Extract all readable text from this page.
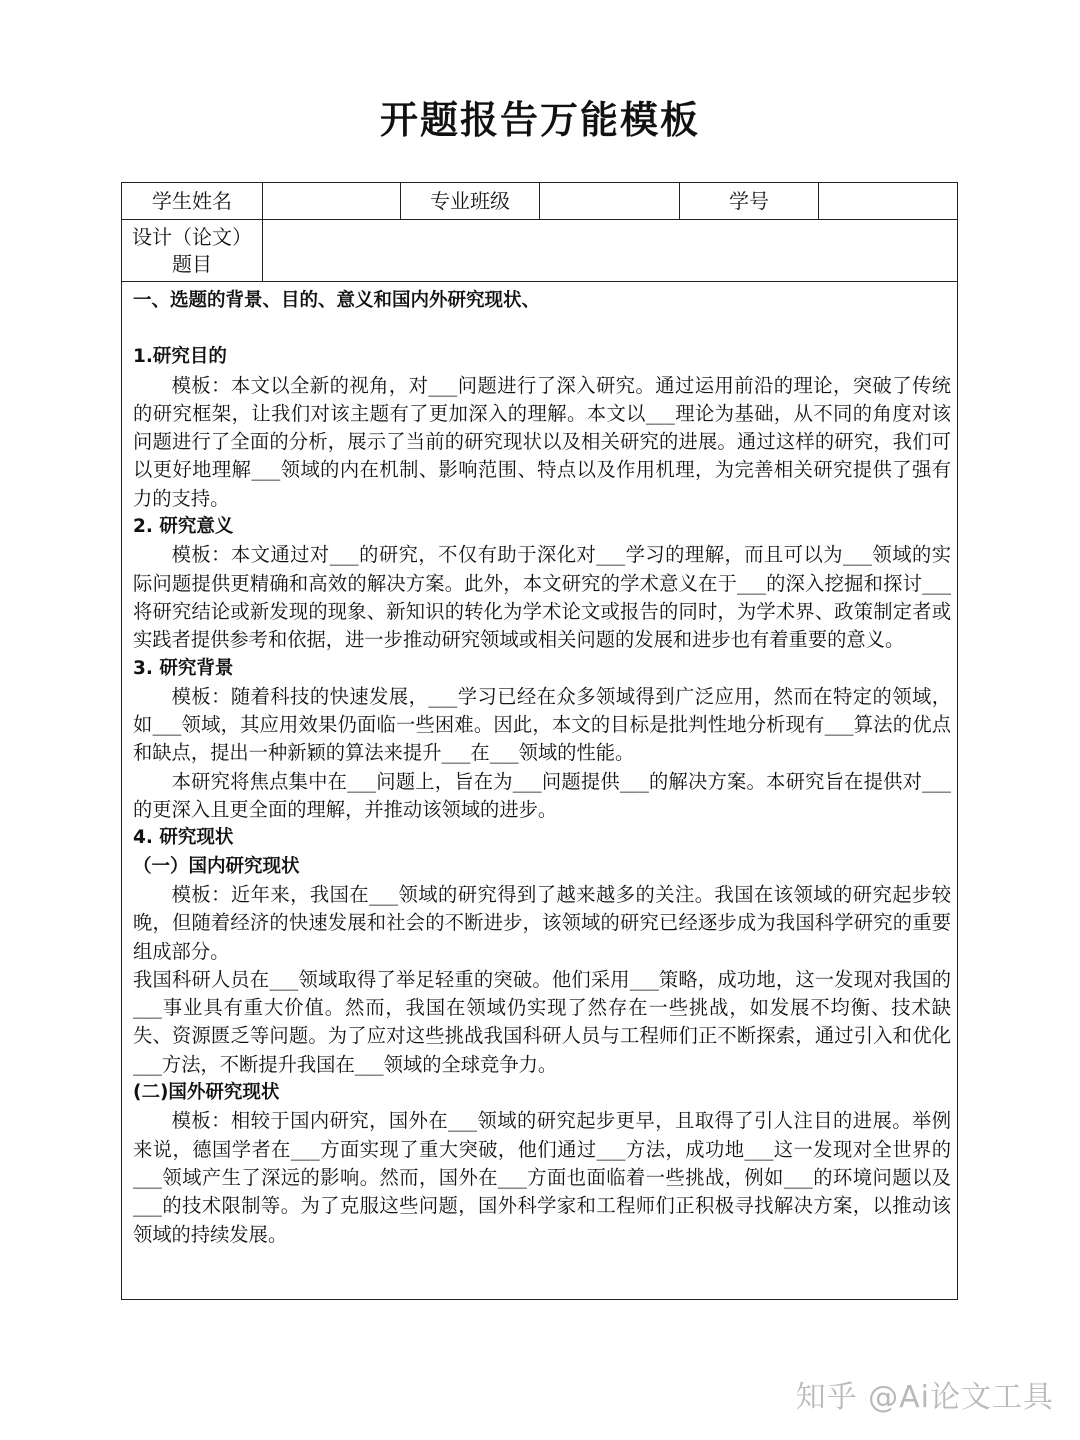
开题报告万能模板
学生姓名	专业班级	学号
设计（论文）
题目
一、选题的背景、目的、意义和国内外研究现状、
1.研究目的
模板：本文以全新的视角，对___问题进行了深入研究。通过运用前沿的理论，突破了传统的研究框架，让我们对该主题有了更加深入的理解。本文以___理论为基础，从不同的角度对该问题进行了全面的分析，展示了当前的研究现状以及相关研究的进展。通过这样的研究，我们可以更好地理解___领域的内在机制、影响范围、特点以及作用机理，为完善相关研究提供了强有力的支持。
2. 研究意义
模板：本文通过对___的研究，不仅有助于深化对___学习的理解，而且可以为___领域的实际问题提供更精确和高效的解决方案。此外，本文研究的学术意义在于___的深入挖掘和探讨___将研究结论或新发现的现象、新知识的转化为学术论文或报告的同时，为学术界、政策制定者或实践者提供参考和依据，进一步推动研究领域或相关问题的发展和进步也有着重要的意义。
3. 研究背景
模板：随着科技的快速发展，___学习已经在众多领域得到广泛应用，然而在特定的领域，如___领域，其应用效果仍面临一些困难。因此，本文的目标是批判性地分析现有___算法的优点和缺点，提出一种新颖的算法来提升___在___领域的性能。
本研究将焦点集中在___问题上，旨在为___问题提供___的解决方案。本研究旨在提供对___的更深入且更全面的理解，并推动该领域的进步。
4. 研究现状
（一）国内研究现状
模板：近年来，我国在___领域的研究得到了越来越多的关注。我国在该领域的研究起步较晚，但随着经济的快速发展和社会的不断进步，该领域的研究已经逐步成为我国科学研究的重要组成部分。
我国科研人员在___领域取得了举足轻重的突破。他们采用___策略，成功地，这一发现对我国的___事业具有重大价值。然而，我国在领域仍实现了然存在一些挑战，如发展不均衡、技术缺失、资源匮乏等问题。为了应对这些挑战我国科研人员与工程师们正不断探索，通过引入和优化___方法，不断提升我国在___领域的全球竞争力。
(二)国外研究现状
模板：相较于国内研究，国外在___领域的研究起步更早，且取得了引人注目的进展。举例来说，德国学者在___方面实现了重大突破，他们通过___方法，成功地___这一发现对全世界的___领域产生了深远的影响。然而，国外在___方面也面临着一些挑战，例如___的环境问题以及___的技术限制等。为了克服这些问题，国外科学家和工程师们正积极寻找解决方案，以推动该领域的持续发展。
知乎 @Ai论文工具
